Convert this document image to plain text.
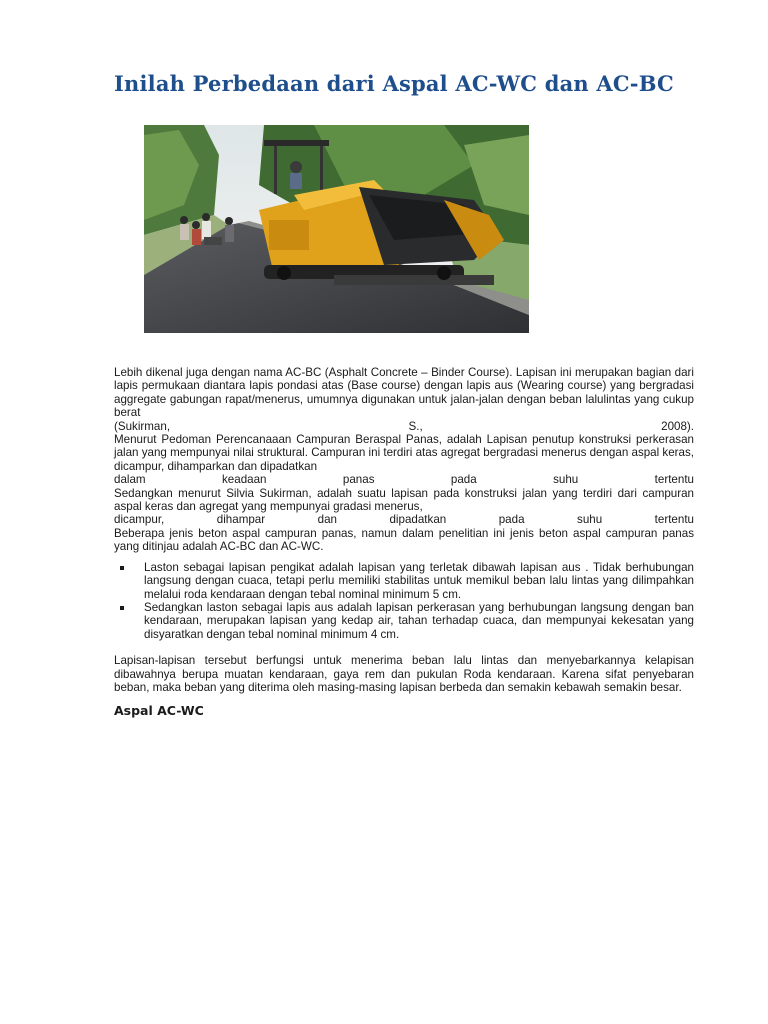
Inilah Perbedaan dari Aspal AC-WC dan AC-BC

Lebih dikenal juga dengan nama AC-BC (Asphalt Concrete – Binder Course). Lapisan ini merupakan bagian dari lapis permukaan diantara lapis pondasi atas (Base course) dengan lapis aus (Wearing course) yang bergradasi aggregate gabungan rapat/menerus, umumnya digunakan untuk jalan-jalan dengan beban lalulintas yang cukup berat

(Sukirman, S., 2008).

Menurut Pedoman Perencanaaan Campuran Beraspal Panas, adalah Lapisan penutup konstruksi perkerasan jalan yang mempunyai nilai struktural. Campuran ini terdiri atas agregat bergradasi menerus dengan aspal keras, dicampur, dihamparkan dan dipadatkan

dalam keadaan panas pada suhu tertentu

Sedangkan menurut Silvia Sukirman, adalah suatu lapisan pada konstruksi jalan yang terdiri dari campuran aspal keras dan agregat yang mempunyai gradasi menerus,

dicampur, dihampar dan dipadatkan pada suhu tertentu

Beberapa jenis beton aspal campuran panas, namun dalam penelitian ini jenis beton aspal campuran panas yang ditinjau adalah AC-BC dan AC-WC.

Laston sebagai lapisan pengikat adalah lapisan yang terletak dibawah lapisan aus . Tidak berhubungan langsung dengan cuaca, tetapi perlu memiliki stabilitas untuk memikul beban lalu lintas yang dilimpahkan melalui roda kendaraan dengan tebal nominal minimum 5 cm.
Sedangkan laston sebagai lapis aus adalah lapisan perkerasan yang berhubungan langsung dengan ban kendaraan, merupakan lapisan yang kedap air, tahan terhadap cuaca, dan mempunyai kekesatan yang disyaratkan dengan tebal nominal minimum 4 cm.

Lapisan-lapisan tersebut berfungsi untuk menerima beban lalu lintas dan menyebarkannya kelapisan dibawahnya berupa muatan kendaraan, gaya rem dan pukulan Roda kendaraan. Karena sifat penyebaran beban, maka beban yang diterima oleh masing-masing lapisan berbeda dan semakin kebawah semakin besar.

Aspal AC-WC
